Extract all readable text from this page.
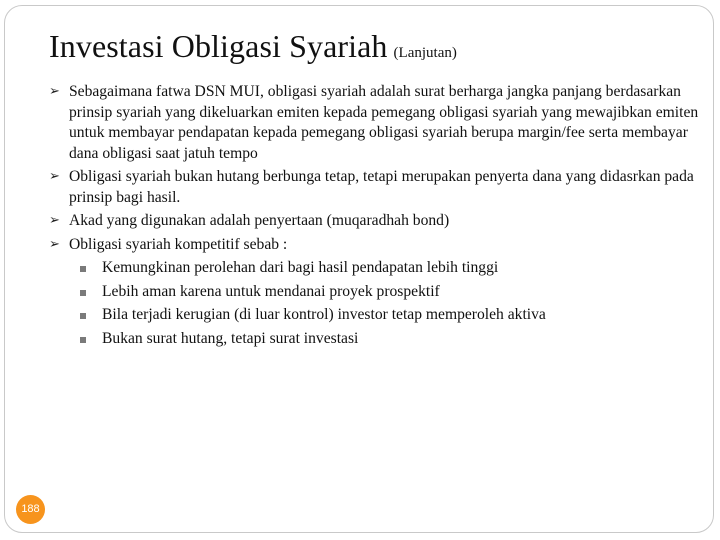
Investasi Obligasi Syariah (Lanjutan)
➢ Sebagaimana fatwa DSN MUI, obligasi syariah adalah surat berharga jangka panjang berdasarkan prinsip syariah yang dikeluarkan emiten kepada pemegang obligasi syariah yang mewajibkan emiten untuk membayar pendapatan kepada pemegang obligasi syariah berupa margin/fee serta membayar dana obligasi saat jatuh tempo
➢ Obligasi syariah bukan hutang berbunga tetap, tetapi merupakan penyerta dana yang didasrkan pada prinsip bagi hasil.
➢ Akad yang digunakan adalah penyertaan (muqaradhah bond)
➢ Obligasi syariah kompetitif sebab :
Kemungkinan perolehan dari bagi hasil pendapatan lebih tinggi
Lebih aman karena untuk mendanai proyek prospektif
Bila terjadi kerugian (di luar kontrol) investor tetap memperoleh aktiva
Bukan surat hutang, tetapi surat investasi
188
